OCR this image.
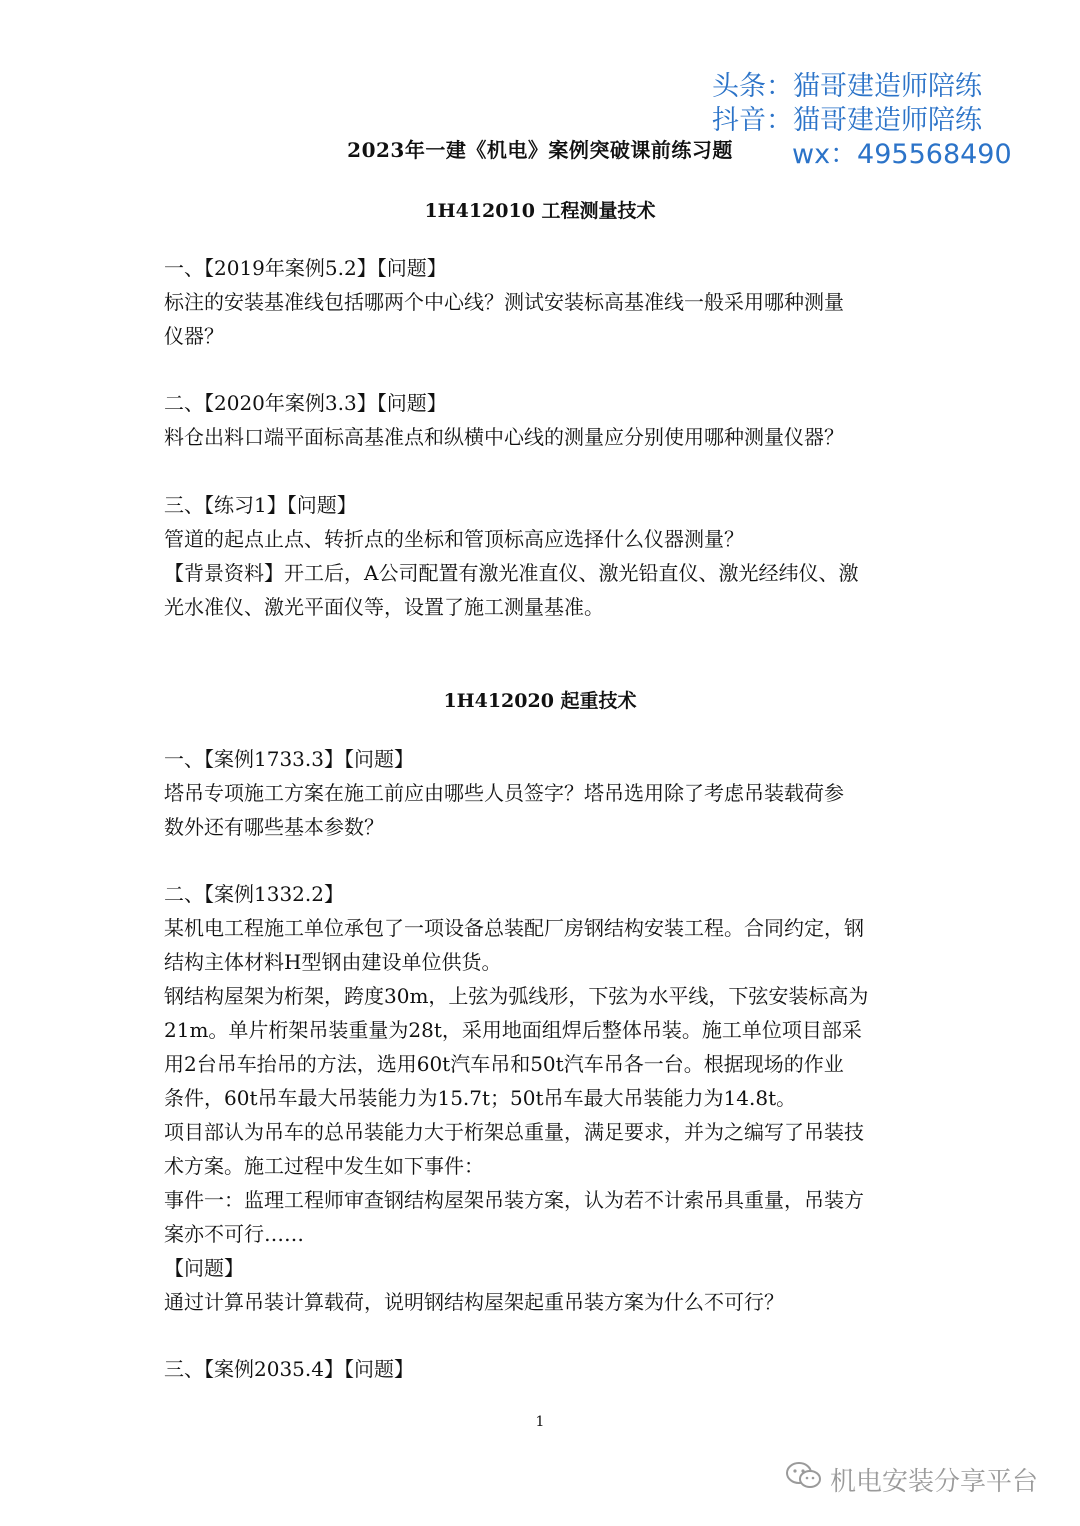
头条：猫哥建造师陪练
抖音：猫哥建造师陪练
wx：495568490
2023年一建《机电》案例突破课前练习题
1H412010 工程测量技术
一、【2019年案例5.2】【问题】
标注的安装基准线包括哪两个中心线？测试安装标高基准线一般采用哪种测量
仪器？
二、【2020年案例3.3】【问题】
料仓出料口端平面标高基准点和纵横中心线的测量应分别使用哪种测量仪器？
三、【练习1】【问题】
管道的起点止点、转折点的坐标和管顶标高应选择什么仪器测量？
【背景资料】开工后，A公司配置有激光准直仪、激光铅直仪、激光经纬仪、激
光水准仪、激光平面仪等，设置了施工测量基准。
1H412020 起重技术
一、【案例1733.3】【问题】
塔吊专项施工方案在施工前应由哪些人员签字？塔吊选用除了考虑吊装载荷参
数外还有哪些基本参数？
二、【案例1332.2】
某机电工程施工单位承包了一项设备总装配厂房钢结构安装工程。合同约定，钢
结构主体材料H型钢由建设单位供货。
钢结构屋架为桁架，跨度30m，上弦为弧线形，下弦为水平线，下弦安装标高为
21m。单片桁架吊装重量为28t，采用地面组焊后整体吊装。施工单位项目部采
用2台吊车抬吊的方法，选用60t汽车吊和50t汽车吊各一台。根据现场的作业
条件，60t吊车最大吊装能力为15.7t；50t吊车最大吊装能力为14.8t。
项目部认为吊车的总吊装能力大于桁架总重量，满足要求，并为之编写了吊装技
术方案。施工过程中发生如下事件：
事件一：监理工程师审查钢结构屋架吊装方案，认为若不计索吊具重量，吊装方
案亦不可行……
【问题】
通过计算吊装计算载荷，说明钢结构屋架起重吊装方案为什么不可行？
三、【案例2035.4】【问题】
1
机电安装分享平台
